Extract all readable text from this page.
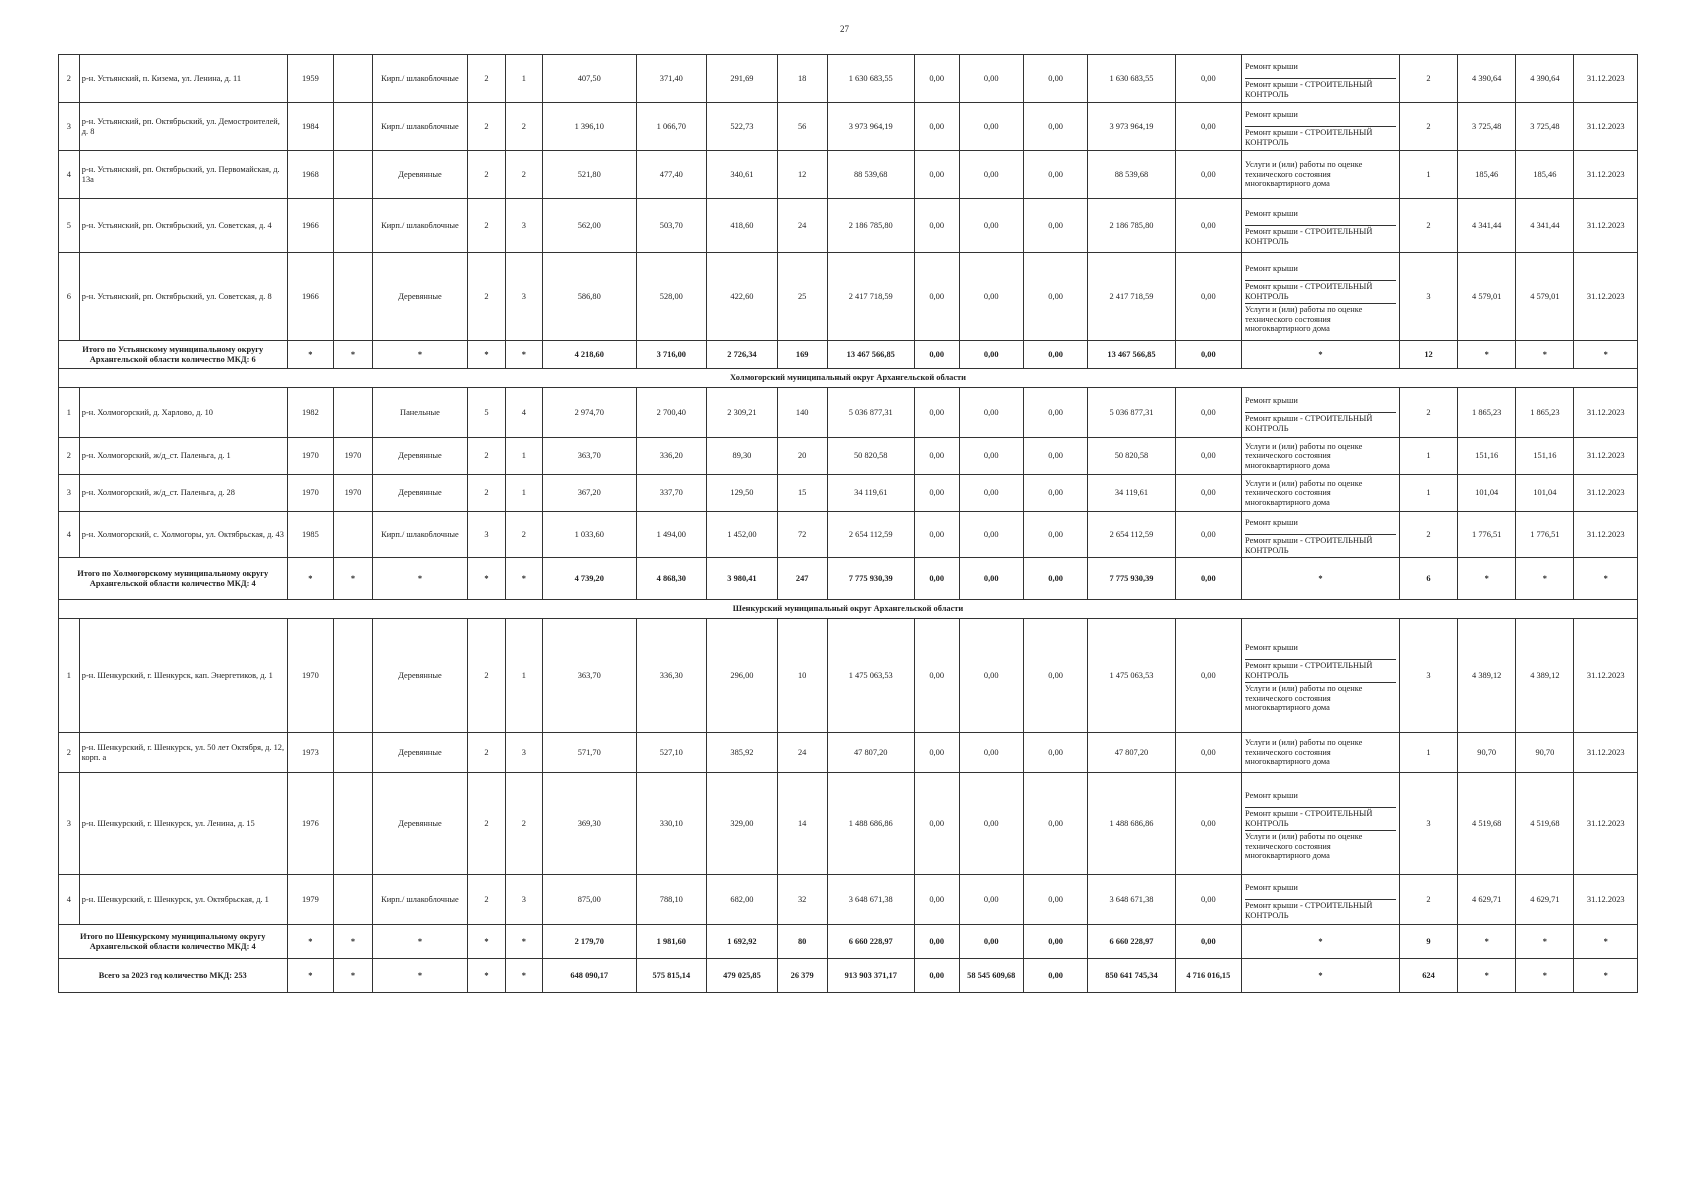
27
2	р-н. Устьянский, п. Кизема, ул. Ленина, д. 11	1959		Кирп./ шлакоблочные	2	1	407,50	371,40	291,69	18	1 630 683,55	0,00	0,00	0,00	1 630 683,55	0,00	Ремонт крыши
Ремонт крыши - СТРОИТЕЛЬНЫЙ КОНТРОЛЬ	2	4 390,64	4 390,64	31.12.2023
3	р-н. Устьянский, рп. Октябрьский, ул. Демостроителей, д. 8	1984		Кирп./ шлакоблочные	2	2	1 396,10	1 066,70	522,73	56	3 973 964,19	0,00	0,00	0,00	3 973 964,19	0,00	Ремонт крыши
Ремонт крыши - СТРОИТЕЛЬНЫЙ КОНТРОЛЬ	2	3 725,48	3 725,48	31.12.2023
4	р-н. Устьянский, рп. Октябрьский, ул. Первомайская, д. 13а	1968		Деревянные	2	2	521,80	477,40	340,61	12	88 539,68	0,00	0,00	0,00	88 539,68	0,00	Услуги и (или) работы по оценке технического состояния многоквартирного дома	1	185,46	185,46	31.12.2023
5	р-н. Устьянский, рп. Октябрьский, ул. Советская, д. 4	1966		Кирп./ шлакоблочные	2	3	562,00	503,70	418,60	24	2 186 785,80	0,00	0,00	0,00	2 186 785,80	0,00	Ремонт крыши
Ремонт крыши - СТРОИТЕЛЬНЫЙ КОНТРОЛЬ	2	4 341,44	4 341,44	31.12.2023
6	р-н. Устьянский, рп. Октябрьский, ул. Советская, д. 8	1966		Деревянные	2	3	586,80	528,00	422,60	25	2 417 718,59	0,00	0,00	0,00	2 417 718,59	0,00	Ремонт крыши
Ремонт крыши - СТРОИТЕЛЬНЫЙ КОНТРОЛЬ
Услуги и (или) работы по оценке технического состояния многоквартирного дома	3	4 579,01	4 579,01	31.12.2023
Итого по Устьянскому муниципальному округу Архангельской области количество МКД: 6		*	*	*	*	*	4 218,60	3 716,00	2 726,34	169	13 467 566,85	0,00	0,00	0,00	13 467 566,85	0,00	*	12	*	*	*
Холмогорский муниципальный округ Архангельской области																					
1	р-н. Холмогорский, д. Харлово, д. 10	1982		Панельные	5	4	2 974,70	2 700,40	2 309,21	140	5 036 877,31	0,00	0,00	0,00	5 036 877,31	0,00	Ремонт крыши
Ремонт крыши - СТРОИТЕЛЬНЫЙ КОНТРОЛЬ	2	1 865,23	1 865,23	31.12.2023
2	р-н. Холмогорский, ж/д_ст. Паленьга, д. 1	1970	1970	Деревянные	2	1	363,70	336,20	89,30	20	50 820,58	0,00	0,00	0,00	50 820,58	0,00	Услуги и (или) работы по оценке технического состояния многоквартирного дома	1	151,16	151,16	31.12.2023
3	р-н. Холмогорский, ж/д_ст. Паленьга, д. 28	1970	1970	Деревянные	2	1	367,20	337,70	129,50	15	34 119,61	0,00	0,00	0,00	34 119,61	0,00	Услуги и (или) работы по оценке технического состояния многоквартирного дома	1	101,04	101,04	31.12.2023
4	р-н. Холмогорский, с. Холмогоры, ул. Октябрьская, д. 43	1985		Кирп./ шлакоблочные	3	2	1 033,60	1 494,00	1 452,00	72	2 654 112,59	0,00	0,00	0,00	2 654 112,59	0,00	Ремонт крыши
Ремонт крыши - СТРОИТЕЛЬНЫЙ КОНТРОЛЬ	2	1 776,51	1 776,51	31.12.2023
Итого по Холмогорскому муниципальному округу Архангельской области количество МКД: 4		*	*	*	*	*	4 739,20	4 868,30	3 980,41	247	7 775 930,39	0,00	0,00	0,00	7 775 930,39	0,00	*	6	*	*	*
Шенкурский муниципальный округ Архангельской области																					
1	р-н. Шенкурский, г. Шенкурск, кап. Энергетиков, д. 1	1970		Деревянные	2	1	363,70	336,30	296,00	10	1 475 063,53	0,00	0,00	0,00	1 475 063,53	0,00	Ремонт крыши
Ремонт крыши - СТРОИТЕЛЬНЫЙ КОНТРОЛЬ
Услуги и (или) работы по оценке технического состояния многоквартирного дома	3	4 389,12	4 389,12	31.12.2023
2	р-н. Шенкурский, г. Шенкурск, ул. 50 лет Октября, д. 12, корп. а	1973		Деревянные	2	3	571,70	527,10	385,92	24	47 807,20	0,00	0,00	0,00	47 807,20	0,00	Услуги и (или) работы по оценке технического состояния многоквартирного дома	1	90,70	90,70	31.12.2023
3	р-н. Шенкурский, г. Шенкурск, ул. Ленина, д. 15	1976		Деревянные	2	2	369,30	330,10	329,00	14	1 488 686,86	0,00	0,00	0,00	1 488 686,86	0,00	Ремонт крыши
Ремонт крыши - СТРОИТЕЛЬНЫЙ КОНТРОЛЬ
Услуги и (или) работы по оценке технического состояния многоквартирного дома	3	4 519,68	4 519,68	31.12.2023
4	р-н. Шенкурский, г. Шенкурск, ул. Октябрьская, д. 1	1979		Кирп./ шлакоблочные	2	3	875,00	788,10	682,00	32	3 648 671,38	0,00	0,00	0,00	3 648 671,38	0,00	Ремонт крыши
Ремонт крыши - СТРОИТЕЛЬНЫЙ КОНТРОЛЬ	2	4 629,71	4 629,71	31.12.2023
Итого по Шенкурскому муниципальному округу Архангельской области количество МКД: 4		*	*	*	*	*	2 179,70	1 981,60	1 692,92	80	6 660 228,97	0,00	0,00	0,00	6 660 228,97	0,00	*	9	*	*	*
Всего за 2023 год количество МКД: 253		*	*	*	*	*	648 090,17	575 815,14	479 025,85	26 379	913 903 371,17	0,00	58 545 609,68	0,00	850 641 745,34	4 716 016,15	*	624	*	*	*
